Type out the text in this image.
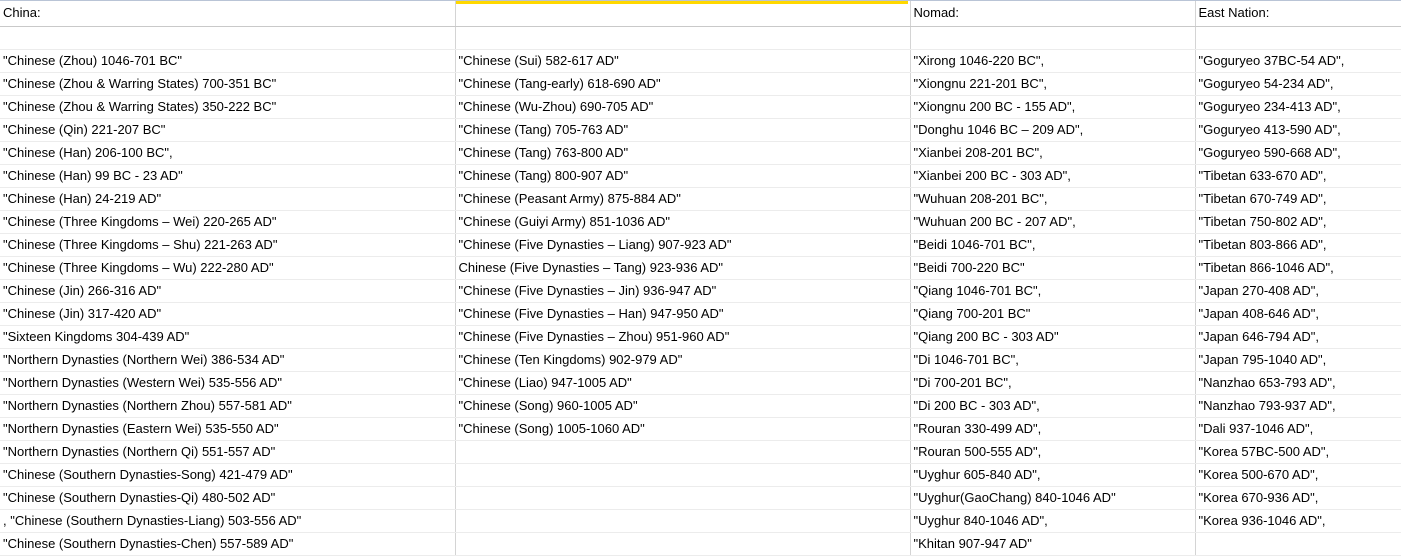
China:		Nomad:	East Nation:

"Chinese (Zhou) 1046-701 BC"	"Chinese (Sui) 582-617 AD"	"Xirong 1046-220 BC",	"Goguryeo 37BC-54 AD",
"Chinese (Zhou & Warring States) 700-351 BC"	"Chinese (Tang-early) 618-690 AD"	"Xiongnu 221-201 BC",	"Goguryeo 54-234 AD",
"Chinese (Zhou & Warring States) 350-222 BC"	"Chinese (Wu-Zhou) 690-705 AD"	"Xiongnu 200 BC - 155 AD",	"Goguryeo 234-413 AD",
"Chinese (Qin) 221-207 BC"	"Chinese (Tang) 705-763 AD"	"Donghu 1046 BC – 209 AD",	"Goguryeo 413-590 AD",
"Chinese (Han) 206-100 BC",	"Chinese (Tang) 763-800 AD"	"Xianbei 208-201 BC",	"Goguryeo 590-668 AD",
"Chinese (Han) 99 BC - 23 AD"	"Chinese (Tang) 800-907 AD"	"Xianbei 200 BC - 303 AD",	"Tibetan 633-670 AD",
"Chinese (Han) 24-219 AD"	"Chinese (Peasant Army) 875-884 AD"	"Wuhuan 208-201 BC",	"Tibetan 670-749 AD",
"Chinese (Three Kingdoms – Wei) 220-265 AD"	"Chinese (Guiyi Army) 851-1036 AD"	"Wuhuan 200 BC - 207 AD",	"Tibetan 750-802 AD",
"Chinese (Three Kingdoms – Shu) 221-263 AD"	"Chinese (Five Dynasties – Liang) 907-923 AD"	"Beidi 1046-701 BC",	"Tibetan 803-866 AD",
"Chinese (Three Kingdoms – Wu) 222-280 AD"	Chinese (Five Dynasties – Tang) 923-936 AD"	"Beidi 700-220 BC"	"Tibetan 866-1046 AD",
"Chinese (Jin) 266-316 AD"	"Chinese (Five Dynasties – Jin) 936-947 AD"	"Qiang 1046-701 BC",	"Japan 270-408 AD",
"Chinese (Jin) 317-420 AD"	"Chinese (Five Dynasties – Han) 947-950 AD"	"Qiang 700-201 BC"	"Japan 408-646 AD",
"Sixteen Kingdoms 304-439 AD"	"Chinese (Five Dynasties – Zhou) 951-960 AD"	"Qiang 200 BC - 303 AD"	"Japan 646-794 AD",
"Northern Dynasties (Northern Wei) 386-534 AD"	"Chinese (Ten Kingdoms) 902-979 AD"	"Di 1046-701 BC",	"Japan 795-1040 AD",
"Northern Dynasties (Western Wei) 535-556 AD"	"Chinese (Liao) 947-1005 AD"	"Di 700-201 BC",	"Nanzhao 653-793 AD",
"Northern Dynasties (Northern Zhou) 557-581 AD"	"Chinese (Song) 960-1005 AD"	"Di 200 BC - 303 AD",	"Nanzhao 793-937 AD",
"Northern Dynasties (Eastern Wei) 535-550 AD"	"Chinese (Song) 1005-1060 AD"	"Rouran 330-499 AD",	"Dali 937-1046 AD",
"Northern Dynasties (Northern Qi) 551-557 AD"		"Rouran 500-555 AD",	"Korea 57BC-500 AD",
"Chinese (Southern Dynasties-Song) 421-479 AD"		"Uyghur 605-840 AD",	"Korea 500-670 AD",
"Chinese (Southern Dynasties-Qi) 480-502 AD"		"Uyghur(GaoChang) 840-1046 AD"	"Korea 670-936 AD",
, "Chinese (Southern Dynasties-Liang) 503-556 AD"		"Uyghur 840-1046 AD",	"Korea 936-1046 AD",
"Chinese (Southern Dynasties-Chen) 557-589 AD"		"Khitan 907-947 AD"	
